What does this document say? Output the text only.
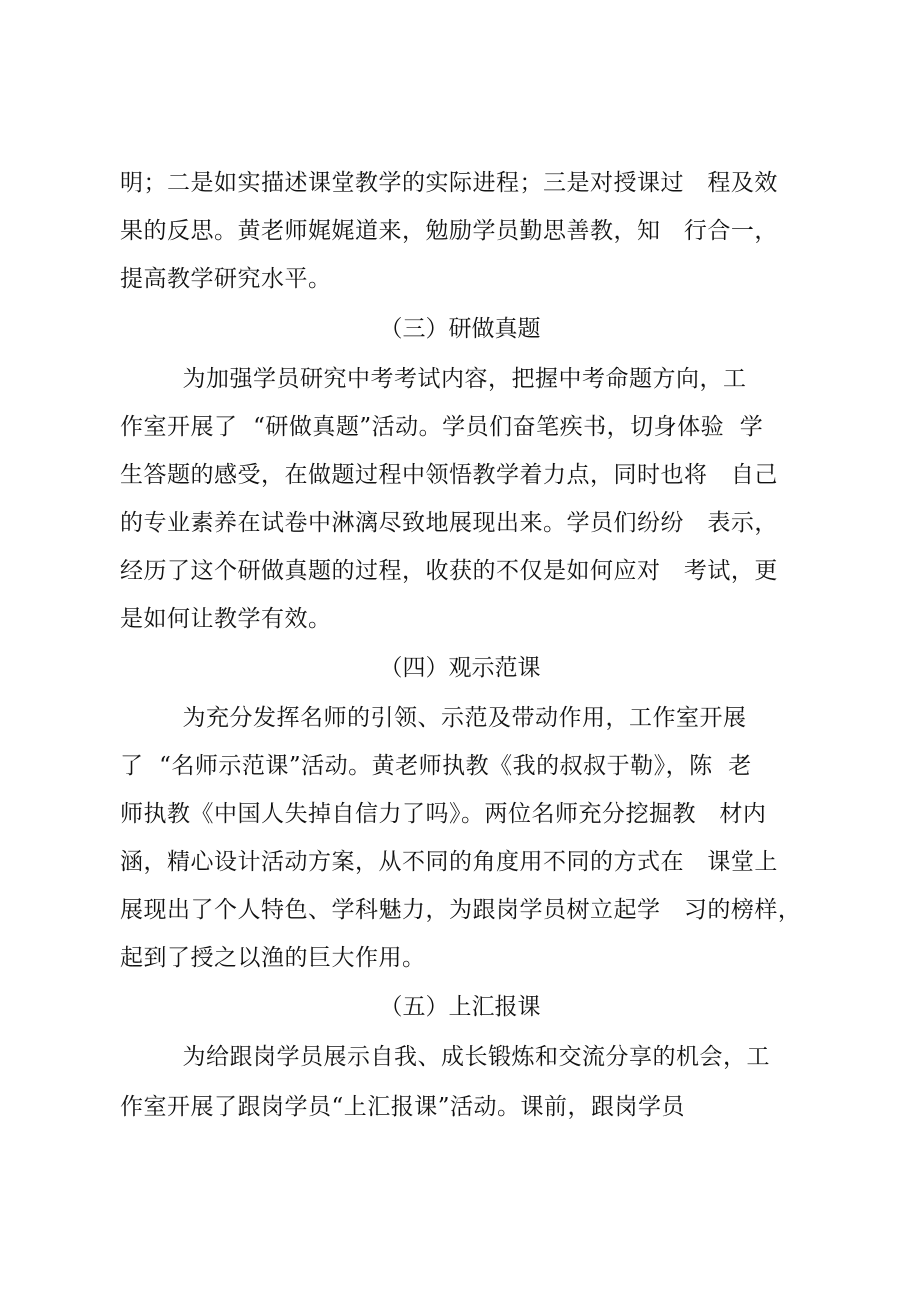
明；二是如实描述课堂教学的实际进程；三是对授课过   程及效
果的反思。黄老师娓娓道来，勉励学员勤思善教，知   行合一，
提高教学研究水平。
（三）研做真题
为加强学员研究中考考试内容，把握中考命题方向，工
作室开展了  “研做真题”活动。学员们奋笔疾书，切身体验  学
生答题的感受，在做题过程中领悟教学着力点，同时也将   自己
的专业素养在试卷中淋漓尽致地展现出来。学员们纷纷   表示，
经历了这个研做真题的过程，收获的不仅是如何应对   考试，更
是如何让教学有效。
（四）观示范课
为充分发挥名师的引领、示范及带动作用，工作室开展
了  “名师示范课”活动。黄老师执教《我的叔叔于勒》，陈  老
师执教《中国人失掉自信力了吗》。两位名师充分挖掘教   材内
涵，精心设计活动方案，从不同的角度用不同的方式在   课堂上
展现出了个人特色、学科魅力，为跟岗学员树立起学   习的榜样，
起到了授之以渔的巨大作用。
（五）上汇报课
为给跟岗学员展示自我、成长锻炼和交流分享的机会，工
作室开展了跟岗学员“上汇报课”活动。课前，跟岗学员
